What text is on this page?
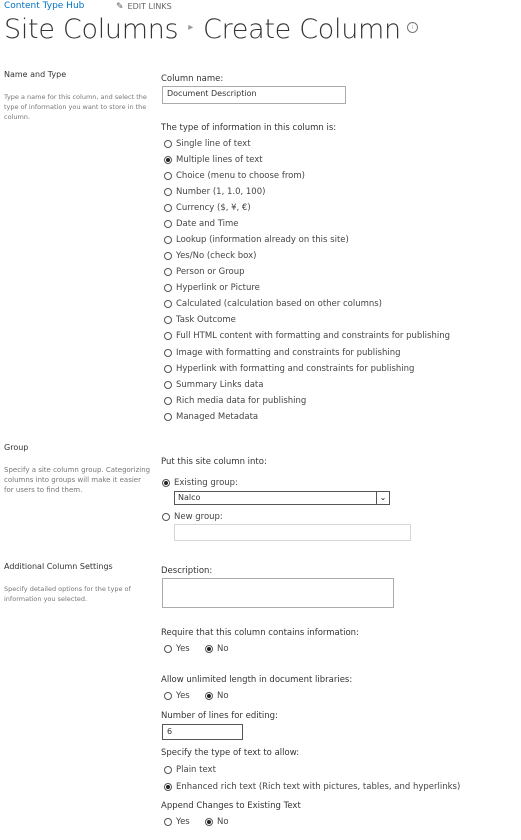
Content Type Hub	✎ EDIT LINKS
Site Columns ▸ Create Column i
Name and Type
Type a name for this column, and select the type of information you want to store in the column.
Column name:
Document Description
The type of information in this column is:
Single line of text
Multiple lines of text
Choice (menu to choose from)
Number (1, 1.0, 100)
Currency ($, ¥, €)
Date and Time
Lookup (information already on this site)
Yes/No (check box)
Person or Group
Hyperlink or Picture
Calculated (calculation based on other columns)
Task Outcome
Full HTML content with formatting and constraints for publishing
Image with formatting and constraints for publishing
Hyperlink with formatting and constraints for publishing
Summary Links data
Rich media data for publishing
Managed Metadata
Group
Specify a site column group. Categorizing columns into groups will make it easier for users to find them.
Put this site column into:
Existing group:
Nalco	⌄
New group:
Additional Column Settings
Specify detailed options for the type of information you selected.
Description:
Require that this column contains information:
Yes	No
Allow unlimited length in document libraries:
Yes	No
Number of lines for editing:
6
Specify the type of text to allow:
Plain text
Enhanced rich text (Rich text with pictures, tables, and hyperlinks)
Append Changes to Existing Text
Yes	No
